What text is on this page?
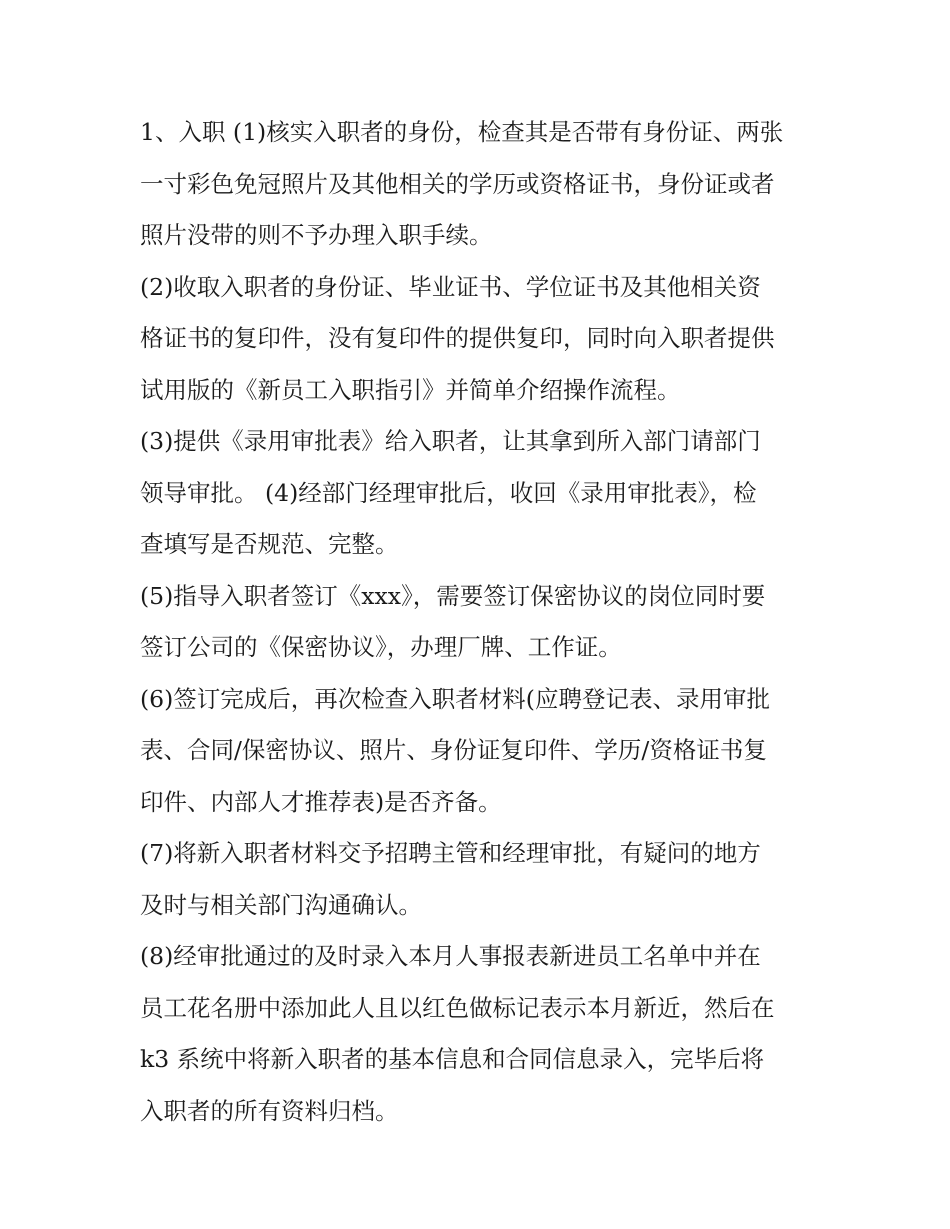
1、入职 (1)核实入职者的身份，检查其是否带有身份证、两张
一寸彩色免冠照片及其他相关的学历或资格证书，身份证或者
照片没带的则不予办理入职手续。
(2)收取入职者的身份证、毕业证书、学位证书及其他相关资
格证书的复印件，没有复印件的提供复印，同时向入职者提供
试用版的《新员工入职指引》并简单介绍操作流程。
(3)提供《录用审批表》给入职者，让其拿到所入部门请部门
领导审批。 (4)经部门经理审批后，收回《录用审批表》，检
查填写是否规范、完整。
(5)指导入职者签订《xxx》，需要签订保密协议的岗位同时要
签订公司的《保密协议》，办理厂牌、工作证。
(6)签订完成后，再次检查入职者材料(应聘登记表、录用审批
表、合同/保密协议、照片、身份证复印件、学历/资格证书复
印件、内部人才推荐表)是否齐备。
(7)将新入职者材料交予招聘主管和经理审批，有疑问的地方
及时与相关部门沟通确认。
(8)经审批通过的及时录入本月人事报表新进员工名单中并在
员工花名册中添加此人且以红色做标记表示本月新近，然后在
k3 系统中将新入职者的基本信息和合同信息录入，完毕后将
入职者的所有资料归档。
